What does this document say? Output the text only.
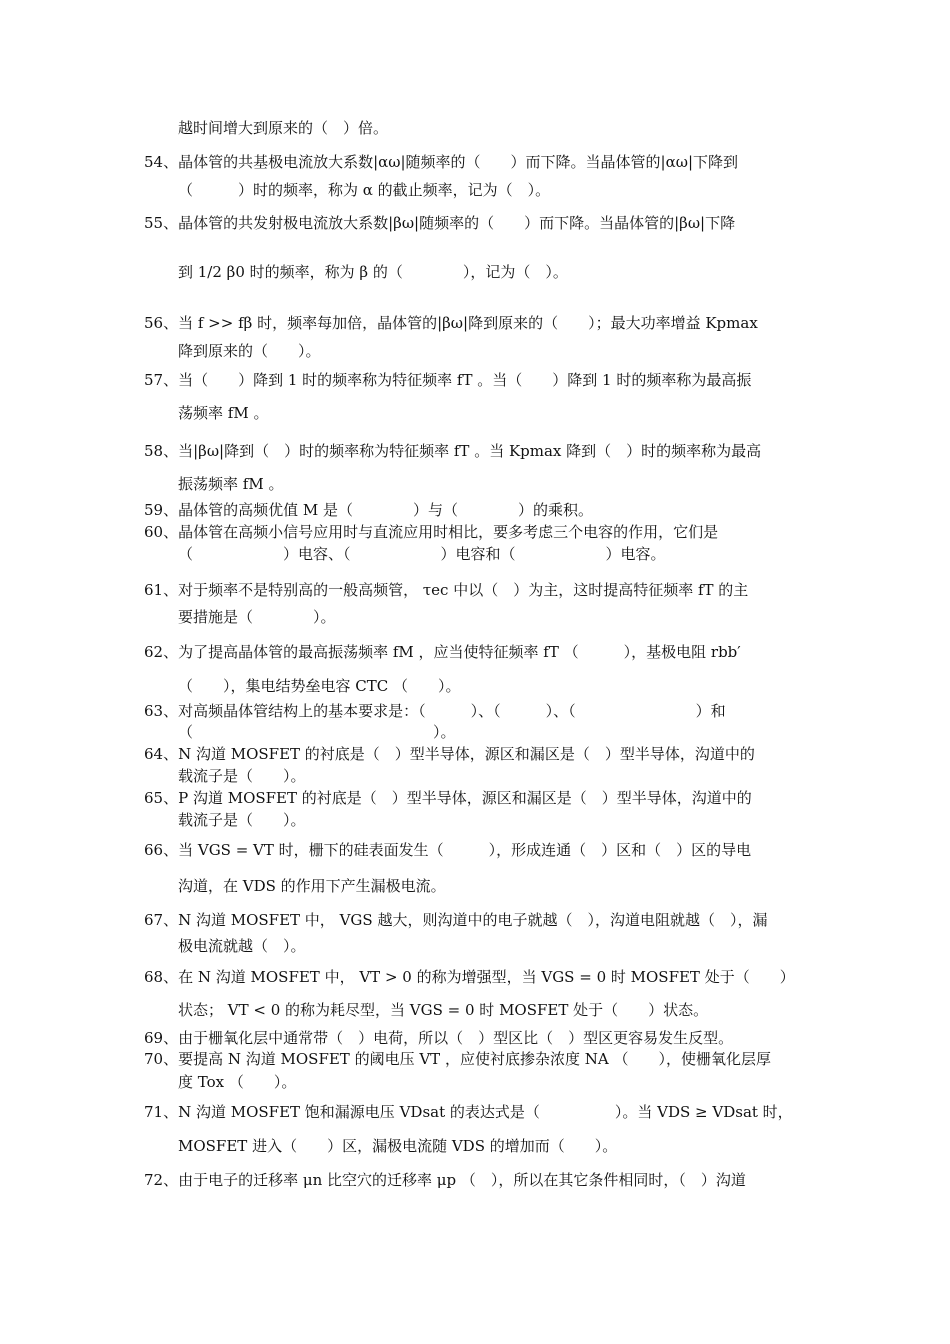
越时间增大到原来的（　）倍。
54、晶体管的共基极电流放大系数|αω|随频率的（　　）而下降。当晶体管的|αω|下降到
（　　　）时的频率，称为 α 的截止频率，记为（　）。
55、晶体管的共发射极电流放大系数|βω|随频率的（　　）而下降。当晶体管的|βω|下降
到 1/2 β0 时的频率，称为 β 的（　　　　），记为（　）。
56、当 f >> fβ 时，频率每加倍，晶体管的|βω|降到原来的（　　）；最大功率增益 Kpmax
降到原来的（　　）。
57、当（　　）降到 1 时的频率称为特征频率 fT 。当（　　）降到 1 时的频率称为最高振
荡频率 fM 。
58、当|βω|降到（　）时的频率称为特征频率 fT 。当 Kpmax 降到（　）时的频率称为最高
振荡频率 fM 。
59、晶体管的高频优值 M 是（　　　　）与（　　　　）的乘积。
60、晶体管在高频小信号应用时与直流应用时相比，要多考虑三个电容的作用，它们是
（　　　　　　）电容、（　　　　　　）电容和（　　　　　　）电容。
61、对于频率不是特别高的一般高频管， τec 中以（　）为主，这时提高特征频率 fT 的主
要措施是（　　　　）。
62、为了提高晶体管的最高振荡频率 fM ，应当使特征频率 fT （　　　），基极电阻 rbb′
（　　），集电结势垒电容 CTC （　　）。
63、对高频晶体管结构上的基本要求是：（　　　）、（　　　）、（　　　　　　　　）和
（　　　　　　　　　　　　　　　　）。
64、N 沟道 MOSFET 的衬底是（　）型半导体，源区和漏区是（　）型半导体，沟道中的
载流子是（　　）。
65、P 沟道 MOSFET 的衬底是（　）型半导体，源区和漏区是（　）型半导体，沟道中的
载流子是（　　）。
66、当 VGS = VT 时，栅下的硅表面发生（　　　），形成连通（　）区和（　）区的导电
沟道，在 VDS 的作用下产生漏极电流。
67、N 沟道 MOSFET 中， VGS 越大，则沟道中的电子就越（　），沟道电阻就越（　），漏
极电流就越（　）。
68、在 N 沟道 MOSFET 中， VT > 0 的称为增强型，当 VGS = 0 时 MOSFET 处于（　　）
状态； VT < 0 的称为耗尽型，当 VGS = 0 时 MOSFET 处于（　　）状态。
69、由于栅氧化层中通常带（　）电荷，所以（　）型区比（　）型区更容易发生反型。
70、要提高 N 沟道 MOSFET 的阈电压 VT ，应使衬底掺杂浓度 NA （　　），使栅氧化层厚
度 Tox （　　）。
71、N 沟道 MOSFET 饱和漏源电压 VDsat 的表达式是（　　　　　）。当 VDS ≥ VDsat 时，
MOSFET 进入（　　）区，漏极电流随 VDS 的增加而（　　）。
72、由于电子的迁移率 μn 比空穴的迁移率 μp （　），所以在其它条件相同时，（　）沟道
